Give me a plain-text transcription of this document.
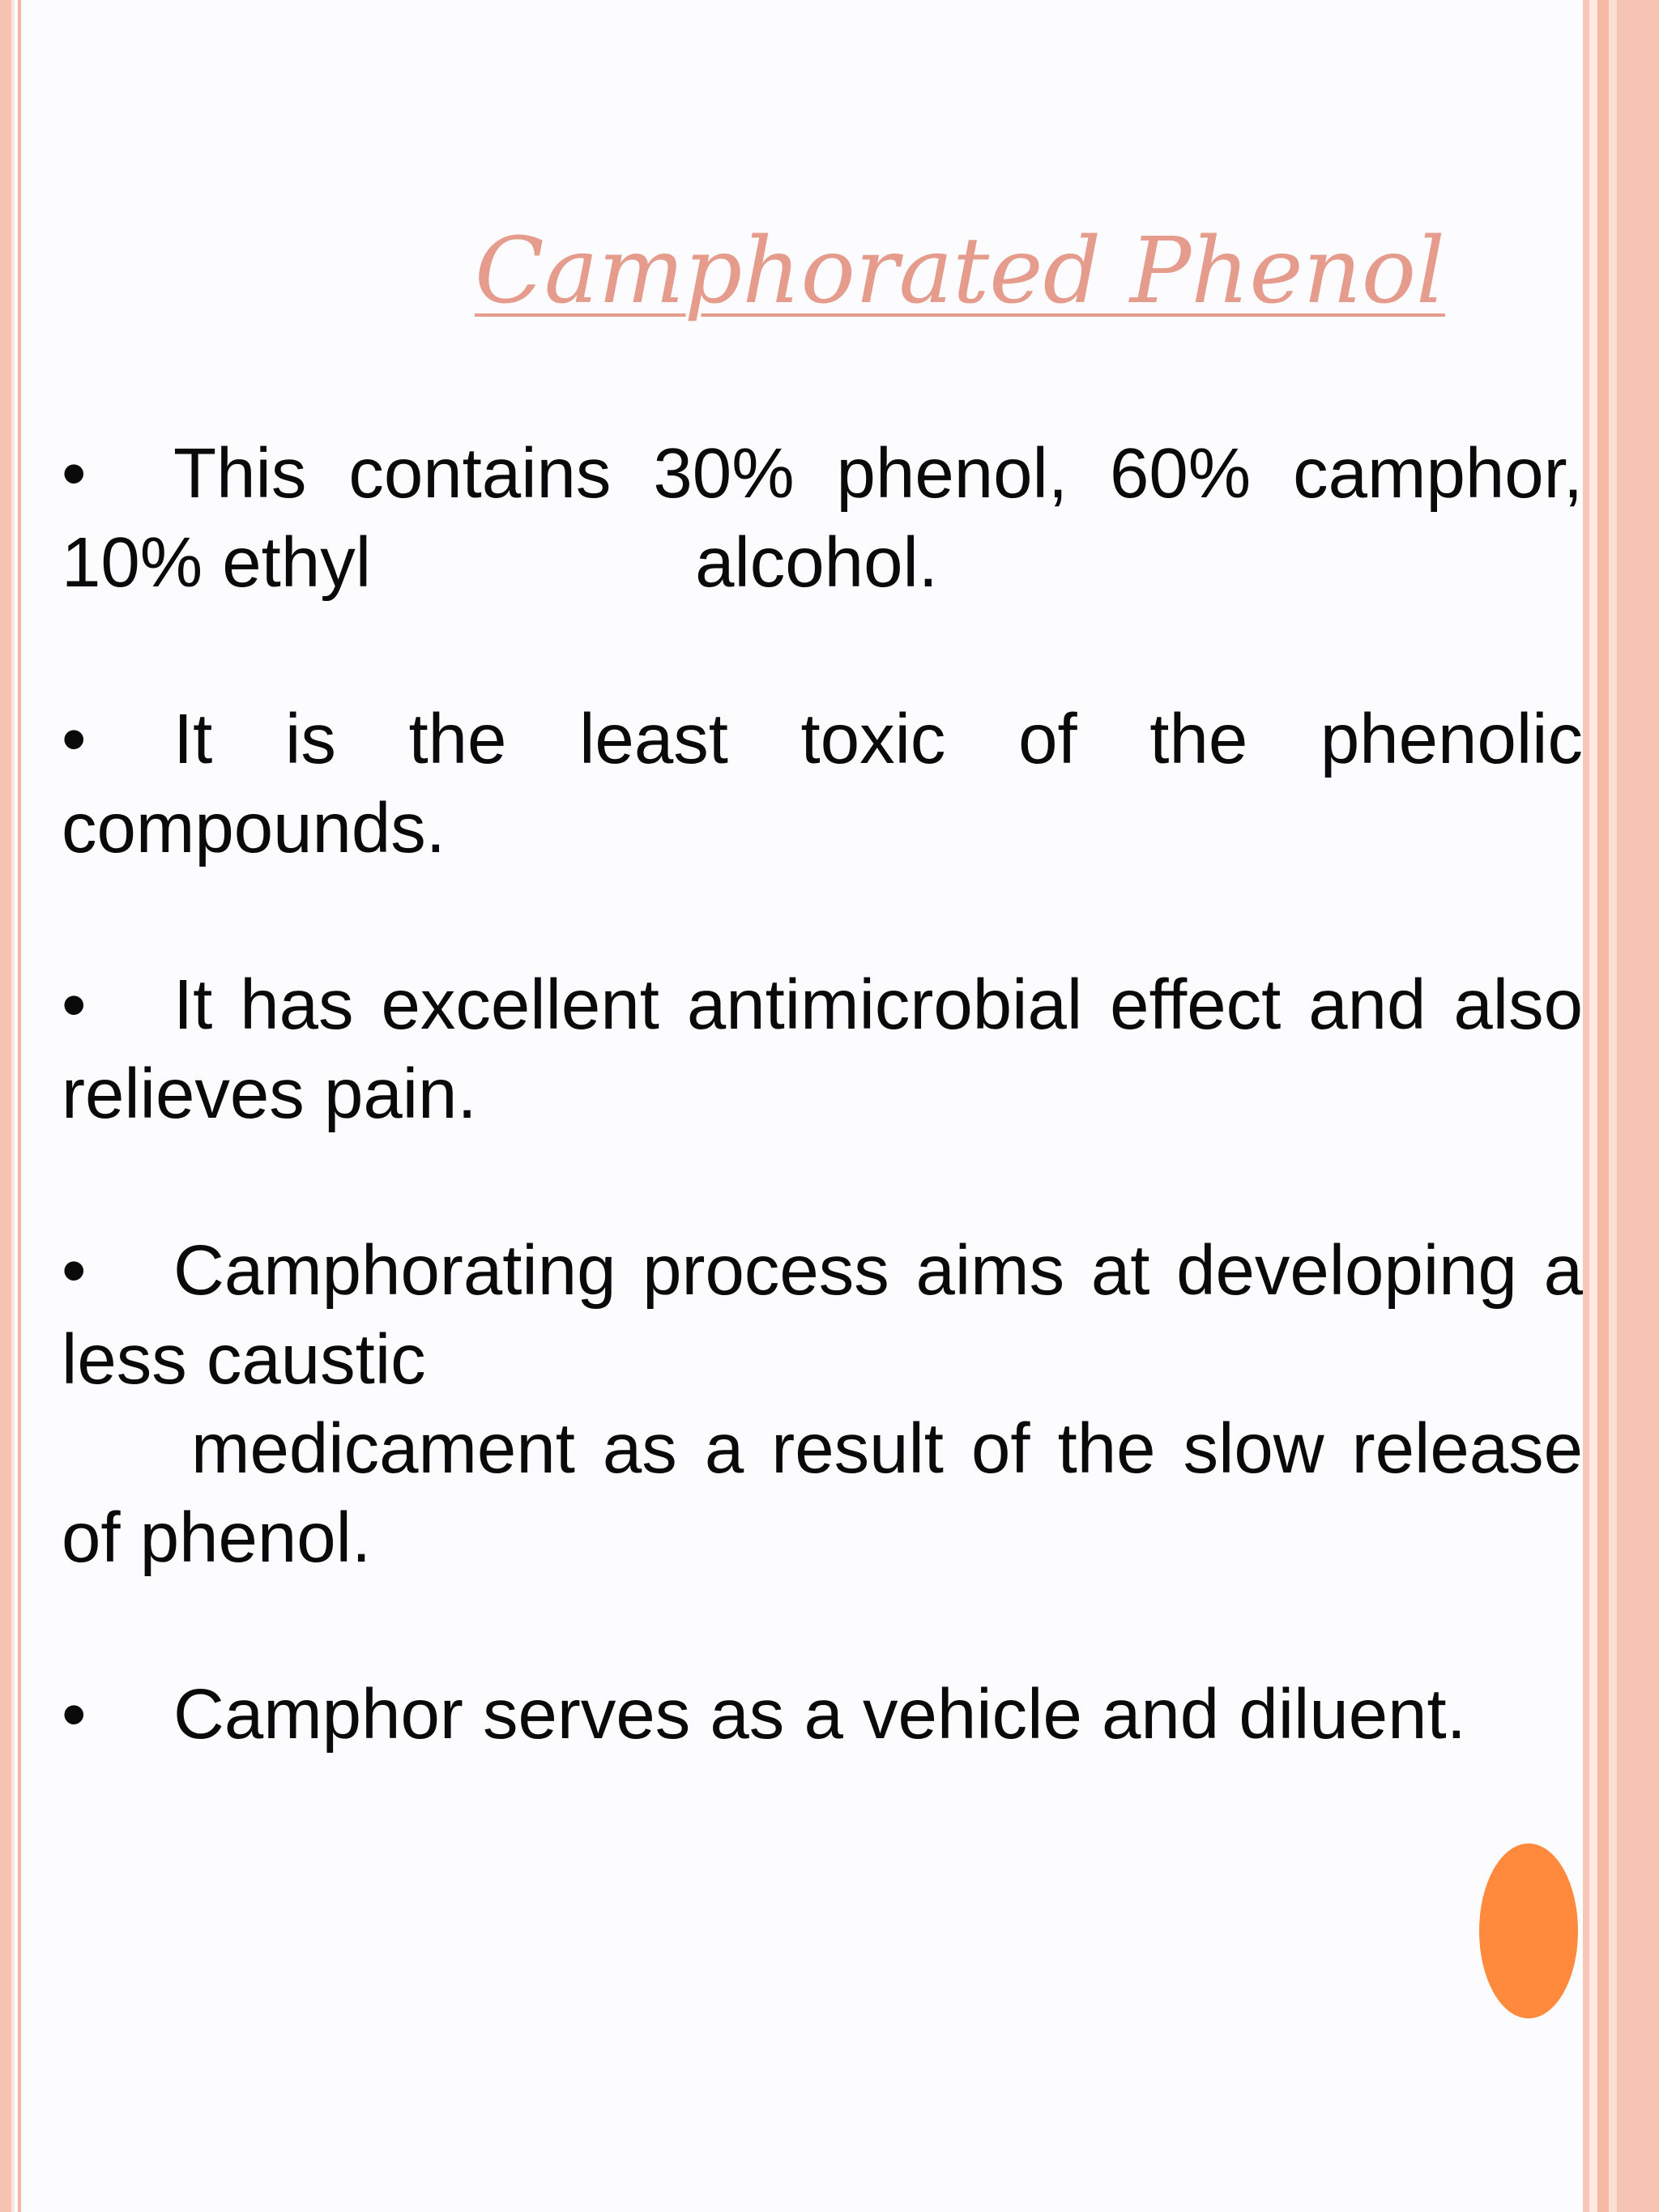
Camphorated Phenol
• This contains 30% phenol, 60% camphor, 10% ethyl	alcohol.
• It is the least toxic of the phenolic compounds.
• It has excellent antimicrobial effect and also relieves pain.
• Camphorating process aims at developing a less caustic
medicament as a result of the slow release of phenol.
• Camphor serves as a vehicle and diluent.
